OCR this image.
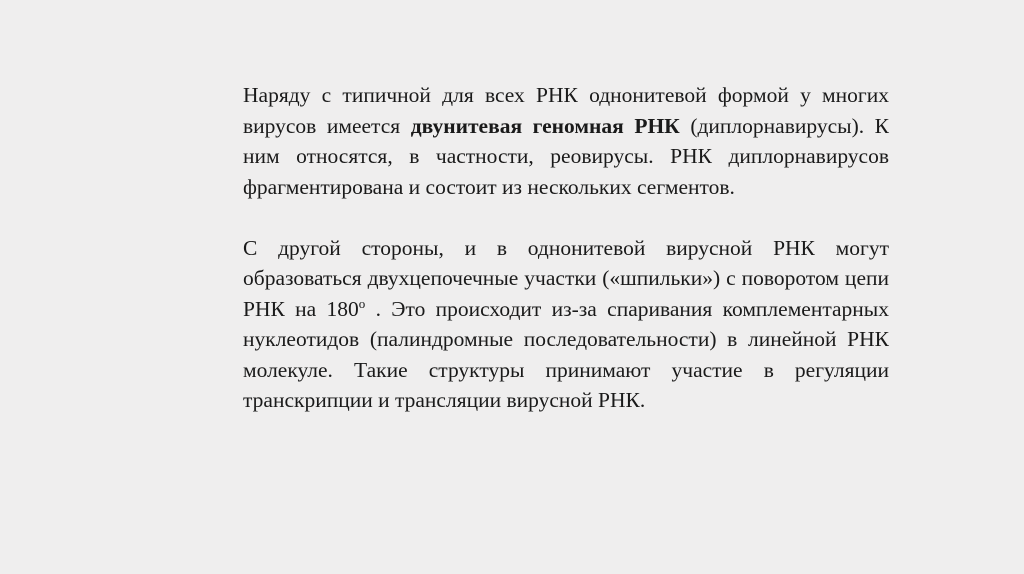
Наряду с типичной для всех РНК однонитевой формой у многих вирусов имеется двунитевая геномная РНК (диплорнавирусы). К ним относятся, в частности, реовирусы. РНК диплорнавирусов фрагментирована и состоит из нескольких сегментов.

С другой стороны, и в однонитевой вирусной РНК могут образоваться двухцепочечные участки («шпильки») с поворотом цепи РНК на $180^о$ . Это происходит из-за спаривания комплементарных нуклеотидов (палиндромные последовательности) в линейной РНК молекуле. Такие структуры принимают участие в регуляции транскрипции и трансляции вирусной РНК.
